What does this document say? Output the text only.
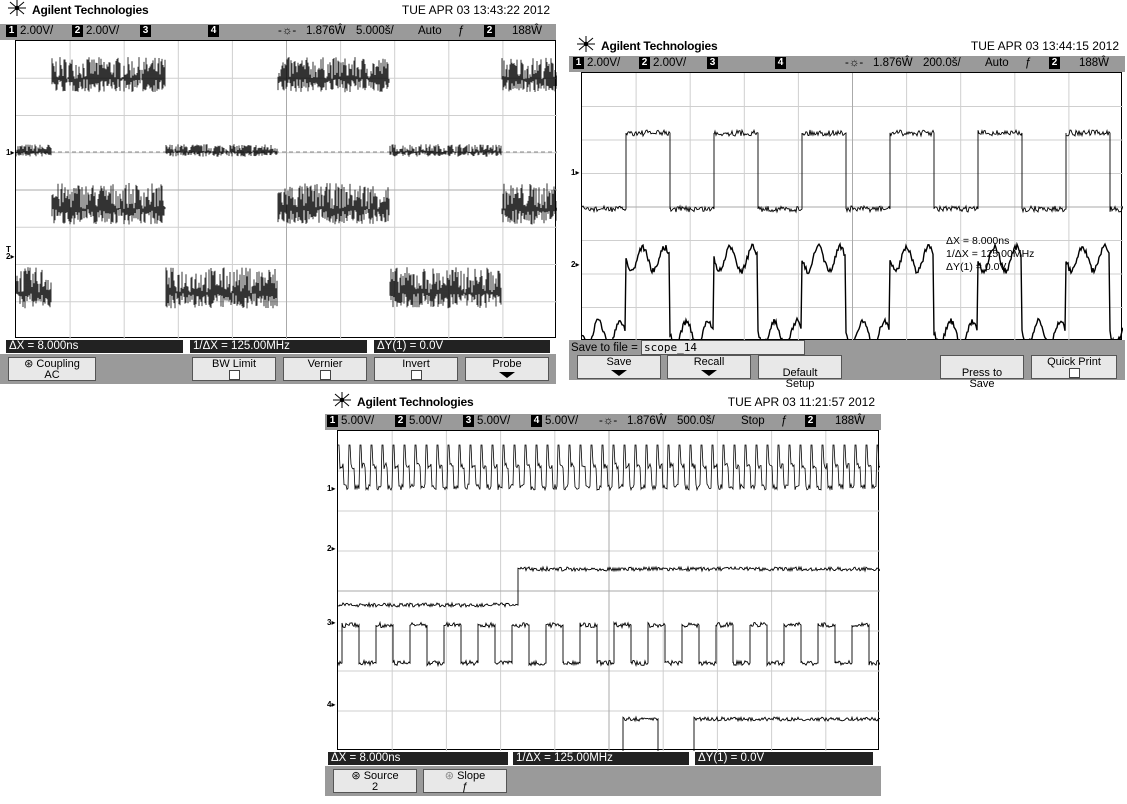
Agilent Technologies	TUE APR 03 13:43:22 2012
1 2.00V/ 2 2.00V/ 3	4	-☼- 1.876Ŵ 5.000š/ Auto ƒ 2	188Ŵ
1▸
T
2▸
ΔX = 8.000ns	1/ΔX = 125.00MHz	ΔY(1) = 0.0V
⊛ Coupling
AC
BW Limit	Vernier	Invert	Probe
Agilent Technologies	TUE APR 03 13:44:15 2012
1 2.00V/ 2 2.00V/ 3	4	-☼- 1.876Ŵ 200.0š/ Auto ƒ 2	188Ŵ
ΔX = 8.000ns
1/ΔX = 125.00MHz
ΔY(1) = 0.0V
1▸
2▸
Save to file = scope_14
Save	Recall

Default
Setup

Press to
Save

Quick Print
Agilent Technologies	TUE APR 03 11:21:57 2012
1 5.00V/ 2 5.00V/ 3 5.00V/ 4 5.00V/ -☼- 1.876Ŵ 500.0š/ Stop ƒ 2	188Ŵ
1▸
2▸
3▸
4▸
ΔX = 8.000ns	1/ΔX = 125.00MHz	ΔY(1) = 0.0V
⊛ Source
2
⊛ Slope
ƒ
